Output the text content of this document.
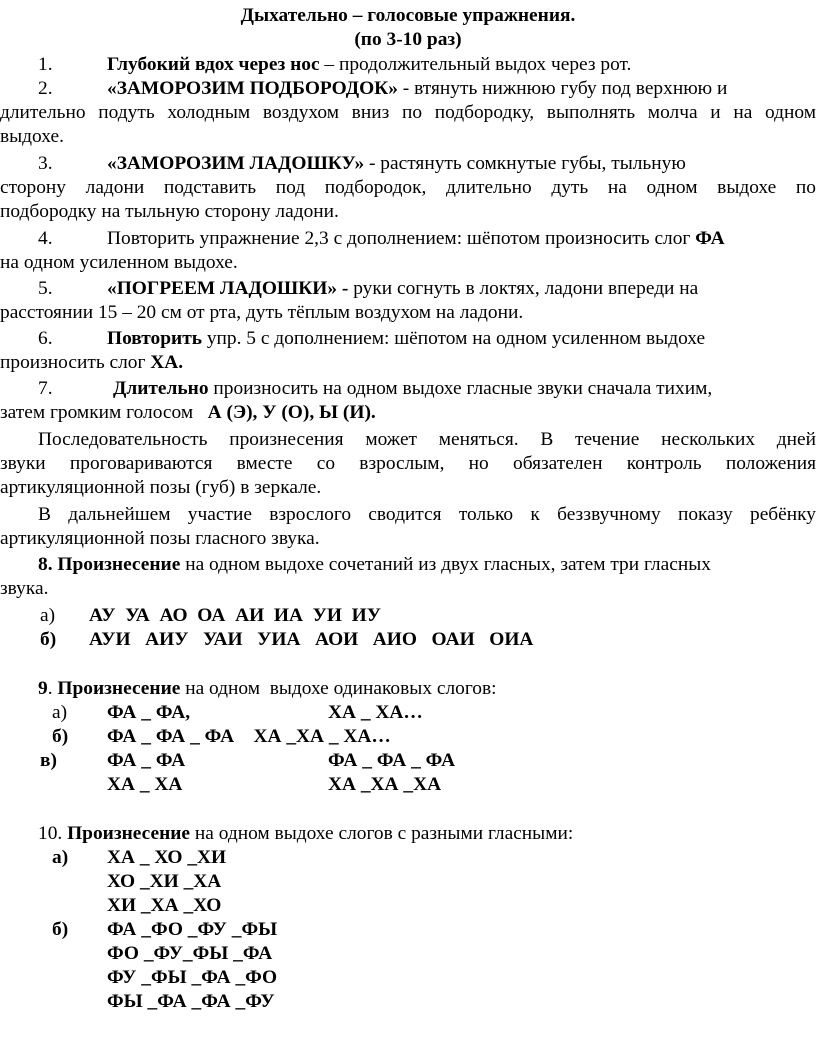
Дыхательно – голосовые упражнения.
(по 3-10 раз)
1.	Глубокий вдох через нос – продолжительный выдох через рот.
2.	«ЗАМОРОЗИМ ПОДБОРОДОК» - втянуть нижнюю губу под верхнюю и
длительно подуть холодным воздухом вниз по подбородку, выполнять молча и на одном
выдохе.
3.	«ЗАМОРОЗИМ ЛАДОШКУ» - растянуть сомкнутые губы, тыльную
сторону ладони подставить под подбородок, длительно дуть на одном выдохе по
подбородку на тыльную сторону ладони.
4.	Повторить упражнение 2,3 с дополнением: шёпотом произносить слог ФА
на одном усиленном выдохе.
5.	«ПОГРЕЕМ ЛАДОШКИ» - руки согнуть в локтях, ладони впереди на
расстоянии 15 – 20 см от рта, дуть тёплым воздухом на ладони.
6.	Повторить упр. 5 с дополнением: шёпотом на одном усиленном выдохе
произносить слог ХА.
7.	Длительно произносить на одном выдохе гласные звуки сначала тихим,
затем громким голосом   А (Э), У (О), Ы (И).
Последовательность произнесения может меняться. В течение нескольких дней
звуки проговариваются вместе со взрослым, но обязателен контроль положения
артикуляционной позы (губ) в зеркале.
В дальнейшем участие взрослого сводится только к беззвучному показу ребёнку
артикуляционной позы гласного звука.
8. Произнесение на одном выдохе сочетаний из двух гласных, затем три гласных
звука.
а) АУ  УА  АО  ОА  АИ  ИА  УИ  ИУ
б) АУИ   АИУ   УАИ   УИА   АОИ   АИО   ОАИ   ОИА
9. Произнесение на одном  выдохе одинаковых слогов:
а) ФА _ ФА,	ХА _ ХА…
б) ФА _ ФА _ ФА    ХА _ХА _ ХА…
в)	ФА _ ФА	ФА _ ФА _ ФА
ХА _ ХА	ХА _ХА _ХА
10. Произнесение на одном выдохе слогов с разными гласными:
а) ХА _ ХО _ХИ
ХО _ХИ _ХА
ХИ _ХА _ХО
б) ФА _ФО _ФУ _ФЫ
ФО _ФУ_ФЫ _ФА
ФУ _ФЫ _ФА _ФО
ФЫ _ФА _ФА _ФУ
